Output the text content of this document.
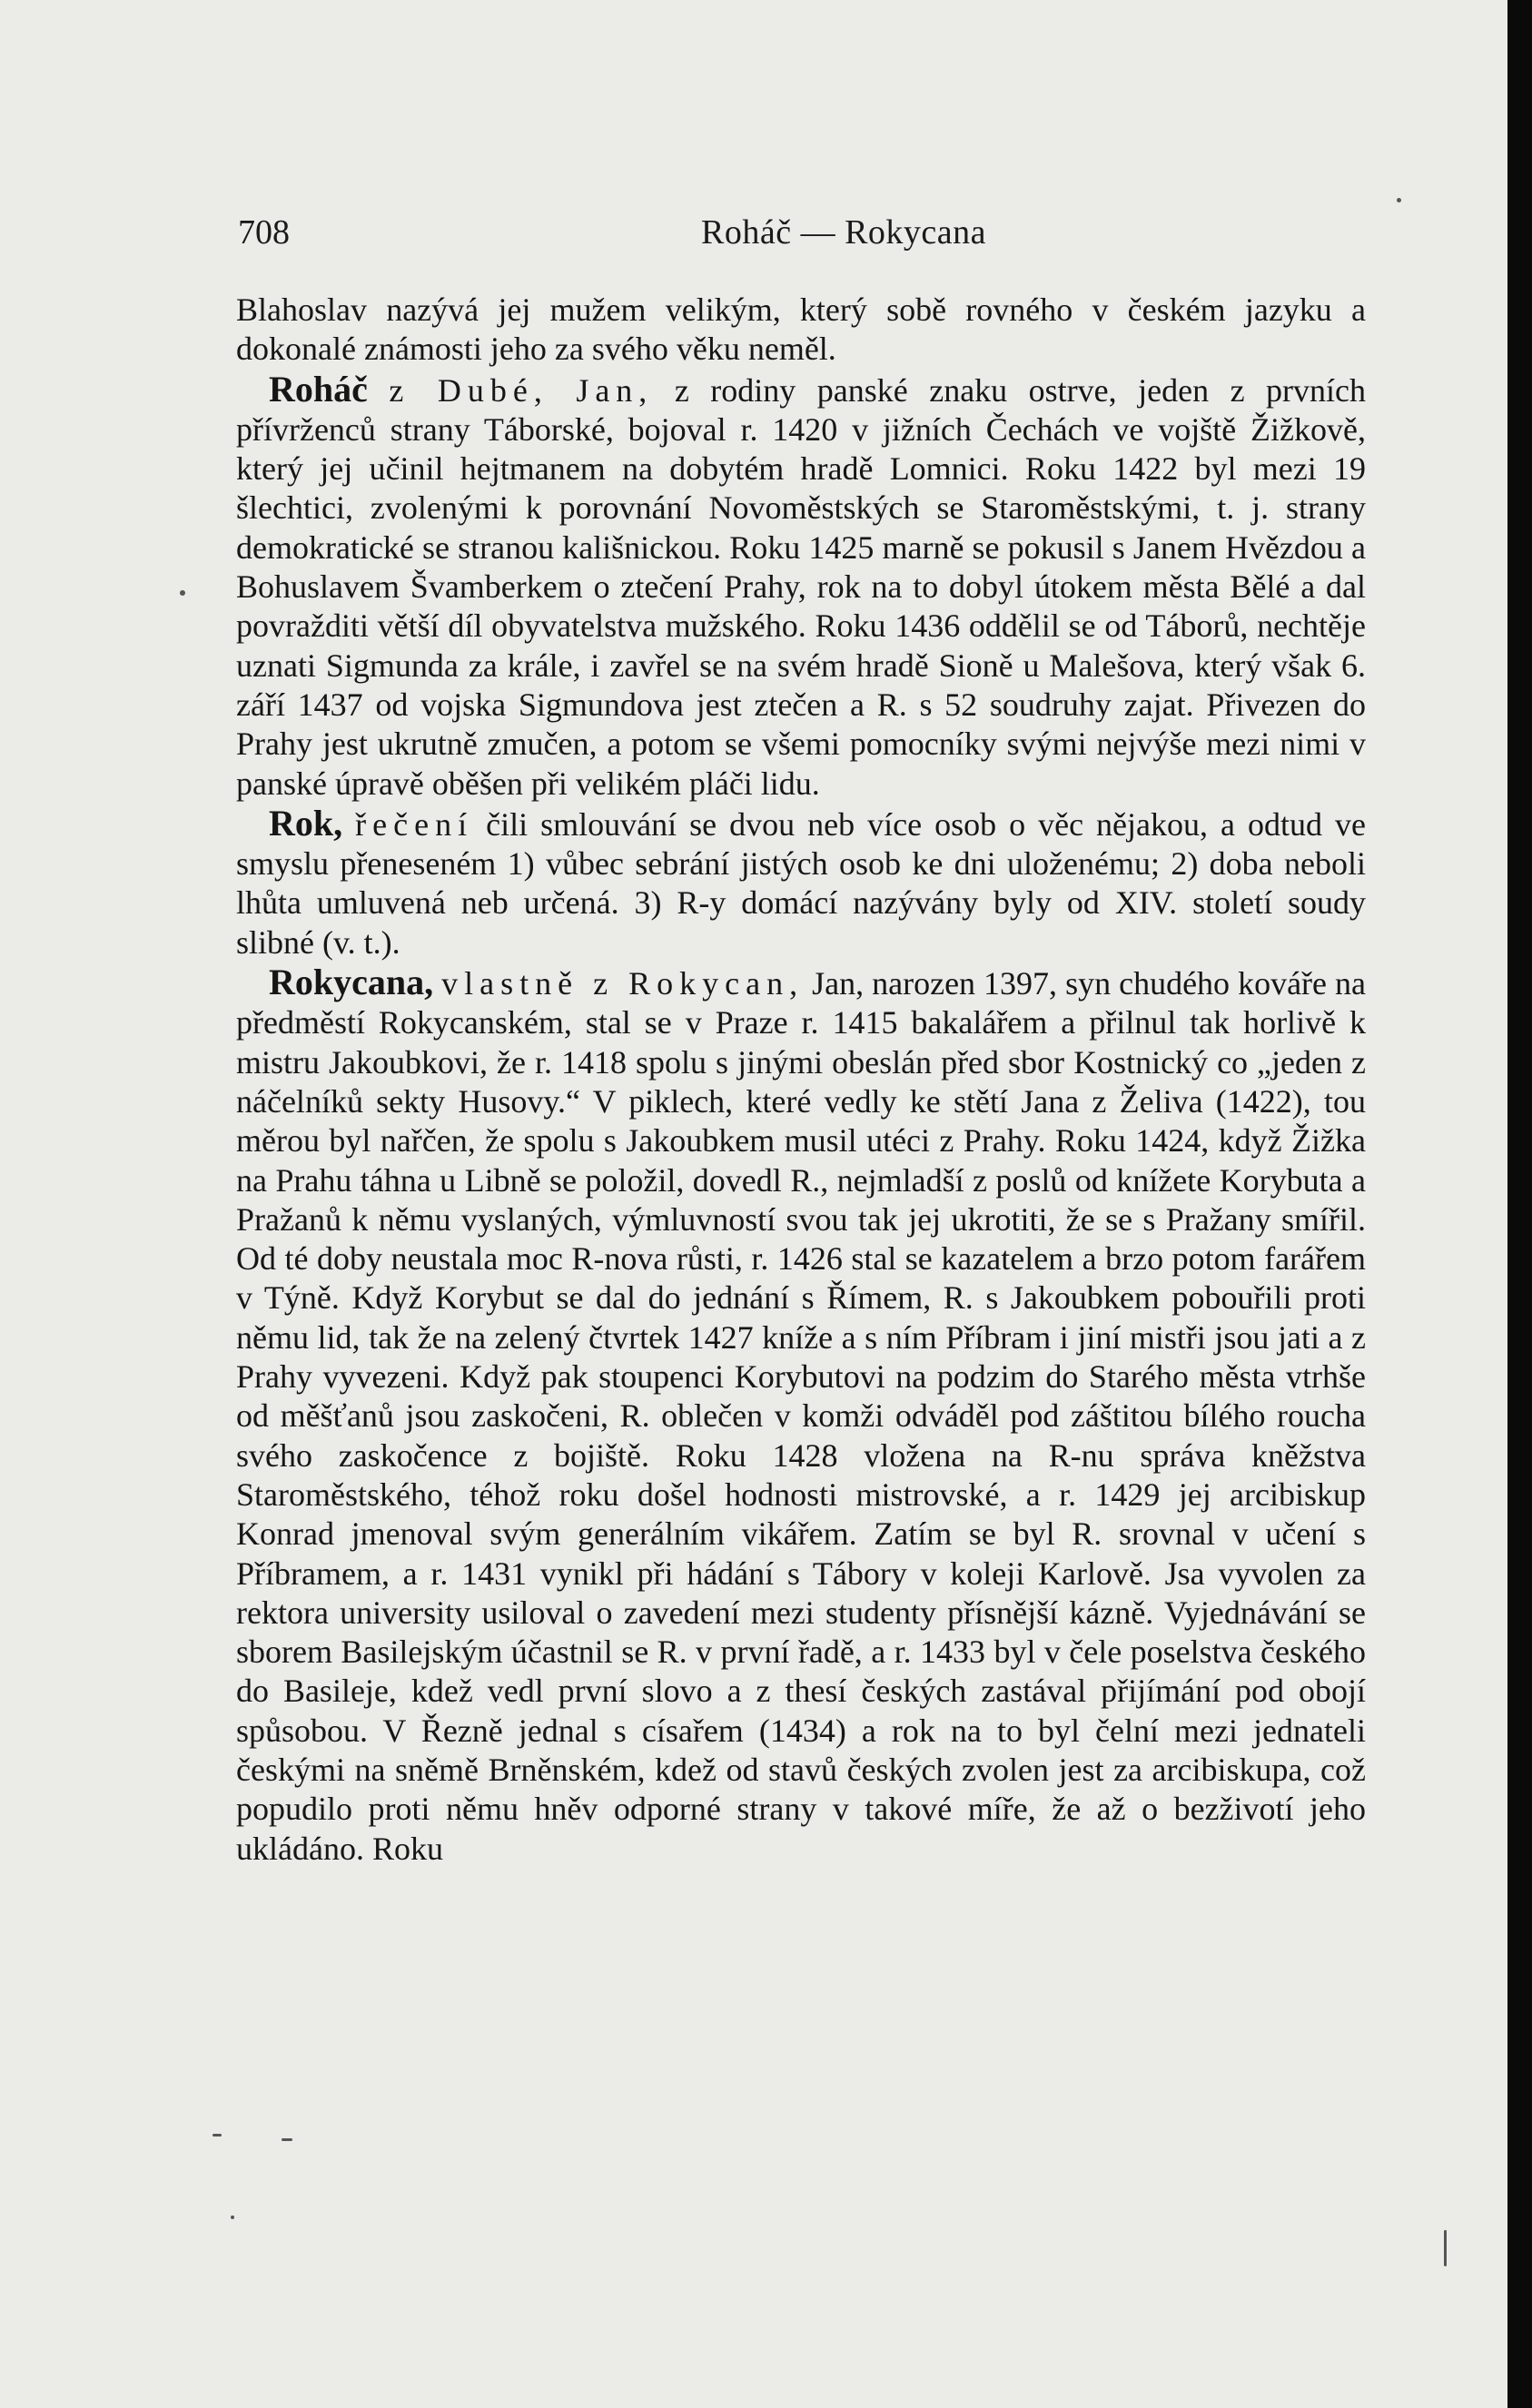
708	Roháč — Rokycana

Blahoslav nazývá jej mužem velikým, který sobě rovného v českém jazyku a dokonalé známosti jeho za svého věku neměl.

Roháč z Dubé, Jan, z rodiny panské znaku ostrve, jeden z prvních přívrženců strany Táborské, bojoval r. 1420 v jižních Čechách ve vojště Žižkově, který jej učinil hejtmanem na dobytém hradě Lomnici. Roku 1422 byl mezi 19 šlechtici, zvolenými k porovnání Novoměstských se Staroměstskými, t. j. strany demokratické se stranou kališnickou. Roku 1425 marně se pokusil s Janem Hvězdou a Bohuslavem Švamberkem o ztečení Prahy, rok na to dobyl útokem města Bělé a dal povražditi větší díl obyvatelstva mužského. Roku 1436 oddělil se od Táborů, nechtěje uznati Sigmunda za krále, i zavřel se na svém hradě Sioně u Malešova, který však 6. září 1437 od vojska Sigmundova jest ztečen a R. s 52 soudruhy zajat. Přivezen do Prahy jest ukrutně zmučen, a potom se všemi pomocníky svými nejvýše mezi nimi v panské úpravě oběšen při velikém pláči lidu.

Rok, řečení čili smlouvání se dvou neb více osob o věc nějakou, a odtud ve smyslu přeneseném 1) vůbec sebrání jistých osob ke dni uloženému; 2) doba neboli lhůta umluvená neb určená. 3) R-y domácí nazývány byly od XIV. století soudy slibné (v. t.).

Rokycana, vlastně z Rokycan, Jan, narozen 1397, syn chudého kováře na předměstí Rokycanském, stal se v Praze r. 1415 bakalářem a přilnul tak horlivě k mistru Jakoubkovi, že r. 1418 spolu s jinými obeslán před sbor Kostnický co „jeden z náčelníků sekty Husovy.“ V piklech, které vedly ke stětí Jana z Želiva (1422), tou měrou byl nařčen, že spolu s Jakoubkem musil utéci z Prahy. Roku 1424, když Žižka na Prahu táhna u Libně se položil, dovedl R., nejmladší z poslů od knížete Korybuta a Pražanů k němu vyslaných, výmluvností svou tak jej ukrotiti, že se s Pražany smířil. Od té doby neustala moc R-nova růsti, r. 1426 stal se kazatelem a brzo potom farářem v Týně. Když Korybut se dal do jednání s Římem, R. s Jakoubkem pobouřili proti němu lid, tak že na zelený čtvrtek 1427 kníže a s ním Příbram i jiní mistři jsou jati a z Prahy vyvezeni. Když pak stoupenci Korybutovi na podzim do Starého města vtrhše od měšťanů jsou zaskočeni, R. oblečen v komži odváděl pod záštitou bílého roucha svého zaskočence z bojiště. Roku 1428 vložena na R-nu správa kněžstva Staroměstského, téhož roku došel hodnosti mistrovské, a r. 1429 jej arcibiskup Konrad jmenoval svým generálním vikářem. Zatím se byl R. srovnal v učení s Příbramem, a r. 1431 vynikl při hádání s Tábory v koleji Karlově. Jsa vyvolen za rektora university usiloval o zavedení mezi studenty přísnější kázně. Vyjednávání se sborem Basilejským účastnil se R. v první řadě, a r. 1433 byl v čele poselstva českého do Basileje, kdež vedl první slovo a z thesí českých zastával přijímání pod obojí spůsobou. V Řezně jednal s císařem (1434) a rok na to byl čelní mezi jednateli českými na sněmě Brněnském, kdež od stavů českých zvolen jest za arcibiskupa, což popudilo proti němu hněv odporné strany v takové míře, že až o bezživotí jeho ukládáno. Roku
